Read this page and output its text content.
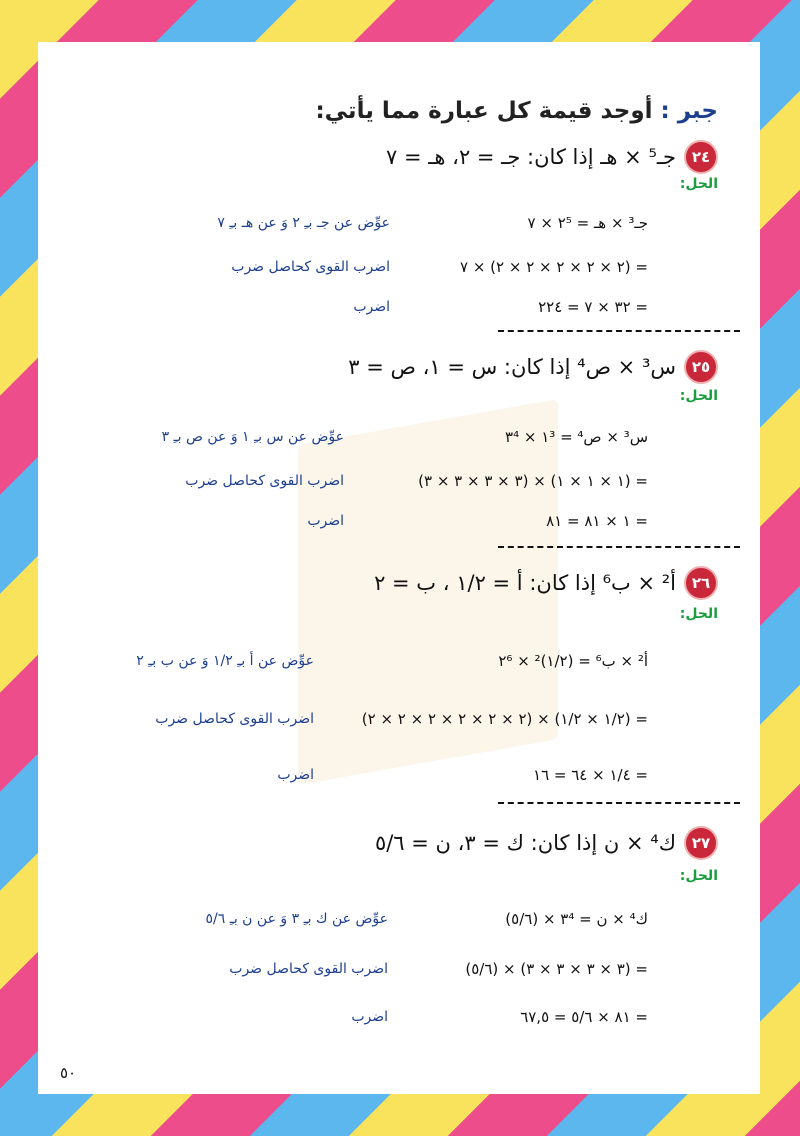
جبر : أوجد قيمة كل عبارة مما يأتي:
٢٤
جـ⁵ × هـ إذا كان: جـ = ٢، هـ = ٧
الحل:
جـ³ × هـ = ٢⁵ × ٧
عوِّض عن جـ بـِ ٢ وَ عن هـ بـِ ٧
= (٢ × ٢ × ٢ × ٢ × ٢) × ٧
اضرب القوى كحاصل ضرب
= ٣٢ × ٧ = ٢٢٤
اضرب
٢٥
س³ × ص⁴ إذا كان: س = ١، ص = ٣
الحل:
س³ × ص⁴ = ١³ × ٣⁴
عوِّض عن س بـِ ١ وَ عن ص بـِ ٣
= (١ × ١ × ١) × (٣ × ٣ × ٣ × ٣)
اضرب القوى كحاصل ضرب
= ١ × ٨١ = ٨١
اضرب
٢٦
أ² × ب⁶ إذا كان: أ = ١/٢ ، ب = ٢
الحل:
أ² × ب⁶ = (١/٢)² × ٢⁶
عوِّض عن أ بـِ ١/٢ وَ عن ب بـِ ٢
= (١/٢ × ١/٢) × (٢ × ٢ × ٢ × ٢ × ٢ × ٢)
اضرب القوى كحاصل ضرب
= ١/٤ × ٦٤ = ١٦
اضرب
٢٧
ك⁴ × ن إذا كان: ك = ٣، ن = ٥/٦
الحل:
ك⁴ × ن = ٣⁴ × (٥/٦)
عوِّض عن ك بـِ ٣ وَ عن ن بـِ ٥/٦
= (٣ × ٣ × ٣ × ٣) × (٥/٦)
اضرب القوى كحاصل ضرب
= ٨١ × ٥/٦ = ٦٧,٥
اضرب
٥٠
